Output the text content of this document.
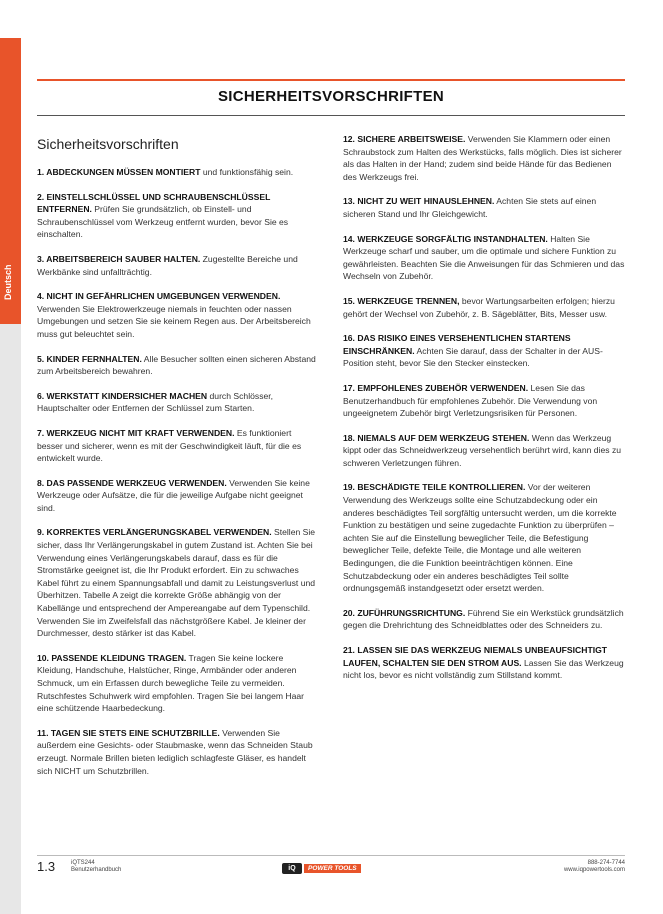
Deutsch
SICHERHEITSVORSCHRIFTEN
Sicherheitsvorschriften
1. ABDECKUNGEN MÜSSEN MONTIERT und funktionsfähig sein.
2. EINSTELLSCHLÜSSEL UND SCHRAUBENSCHLÜSSEL ENTFERNEN. Prüfen Sie grundsätzlich, ob Einstell- und Schraubenschlüssel vom Werkzeug entfernt wurden, bevor Sie es einschalten.
3. ARBEITSBEREICH SAUBER HALTEN. Zugestellte Bereiche und Werkbänke sind unfallträchtig.
4. NICHT IN GEFÄHRLICHEN UMGEBUNGEN VERWENDEN. Verwenden Sie Elektrowerkzeuge niemals in feuchten oder nassen Umgebungen und setzen Sie sie keinem Regen aus. Der Arbeitsbereich muss gut beleuchtet sein.
5. KINDER FERNHALTEN. Alle Besucher sollten einen sicheren Abstand zum Arbeitsbereich bewahren.
6. WERKSTATT KINDERSICHER MACHEN durch Schlösser, Hauptschalter oder Entfernen der Schlüssel zum Starten.
7. WERKZEUG NICHT MIT KRAFT VERWENDEN. Es funktioniert besser und sicherer, wenn es mit der Geschwindigkeit läuft, für die es entwickelt wurde.
8. DAS PASSENDE WERKZEUG VERWENDEN. Verwenden Sie keine Werkzeuge oder Aufsätze, die für die jeweilige Aufgabe nicht geeignet sind.
9. KORREKTES VERLÄNGERUNGSKABEL VERWENDEN. Stellen Sie sicher, dass Ihr Verlängerungskabel in gutem Zustand ist. Achten Sie bei Verwendung eines Verlängerungskabels darauf, dass es für die Stromstärke geeignet ist, die Ihr Produkt erfordert. Ein zu schwaches Kabel führt zu einem Spannungsabfall und damit zu Leistungsverlust und Überhitzen. Tabelle A zeigt die korrekte Größe abhängig von der Kabellänge und entsprechend der Ampereangabe auf dem Typenschild. Verwenden Sie im Zweifelsfall das nächstgrößere Kabel. Je kleiner der Durchmesser, desto stärker ist das Kabel.
10. PASSENDE KLEIDUNG TRAGEN. Tragen Sie keine lockere Kleidung, Handschuhe, Halstücher, Ringe, Armbänder oder anderen Schmuck, um ein Erfassen durch bewegliche Teile zu vermeiden. Rutschfestes Schuhwerk wird empfohlen. Tragen Sie bei langem Haar eine schützende Haarbedeckung.
11. TAGEN SIE STETS EINE SCHUTZBRILLE. Verwenden Sie außerdem eine Gesichts- oder Staubmaske, wenn das Schneiden Staub erzeugt. Normale Brillen bieten lediglich schlagfeste Gläser, es handelt sich NICHT um Schutzbrillen.
12. SICHERE ARBEITSWEISE. Verwenden Sie Klammern oder einen Schraubstock zum Halten des Werkstücks, falls möglich. Dies ist sicherer als das Halten in der Hand; zudem sind beide Hände für das Bedienen des Werkzeugs frei.
13. NICHT ZU WEIT HINAUSLEHNEN. Achten Sie stets auf einen sicheren Stand und Ihr Gleichgewicht.
14. WERKZEUGE SORGFÄLTIG INSTANDHALTEN. Halten Sie Werkzeuge scharf und sauber, um die optimale und sichere Funktion zu gewährleisten. Beachten Sie die Anweisungen für das Schmieren und das Wechseln von Zubehör.
15. WERKZEUGE TRENNEN, bevor Wartungsarbeiten erfolgen; hierzu gehört der Wechsel von Zubehör, z. B. Sägeblätter, Bits, Messer usw.
16. DAS RISIKO EINES VERSEHENTLICHEN STARTENS EINSCHRÄNKEN. Achten Sie darauf, dass der Schalter in der AUS-Position steht, bevor Sie den Stecker einstecken.
17. EMPFOHLENES ZUBEHÖR VERWENDEN. Lesen Sie das Benutzerhandbuch für empfohlenes Zubehör. Die Verwendung von ungeeignetem Zubehör birgt Verletzungsrisiken für Personen.
18. NIEMALS AUF DEM WERKZEUG STEHEN. Wenn das Werkzeug kippt oder das Schneidwerkzeug versehentlich berührt wird, kann dies zu schweren Verletzungen führen.
19. BESCHÄDIGTE TEILE KONTROLLIEREN. Vor der weiteren Verwendung des Werkzeugs sollte eine Schutzabdeckung oder ein anderes beschädigtes Teil sorgfältig untersucht werden, um die korrekte Funktion zu bestätigen und seine zugedachte Funktion zu überprüfen – achten Sie auf die Einstellung beweglicher Teile, die Befestigung beweglicher Teile, defekte Teile, die Montage und alle weiteren Bedingungen, die die Funktion beeinträchtigen können. Eine Schutzabdeckung oder ein anderes beschädigtes Teil sollte ordnungsgemäß instandgesetzt oder ersetzt werden.
20. ZUFÜHRUNGSRICHTUNG. Führend Sie ein Werkstück grundsätzlich gegen die Drehrichtung des Schneidblattes oder des Schneiders zu.
21. LASSEN SIE DAS WERKZEUG NIEMALS UNBEAUFSICHTIGT LAUFEN, SCHALTEN SIE DEN STROM AUS. Lassen Sie das Werkzeug nicht los, bevor es nicht vollständig zum Stillstand kommt.
1.3	iQTS244
Benutzerhandbuch	iQ	POWER TOOLS
888-274-7744
www.iqpowertools.com
